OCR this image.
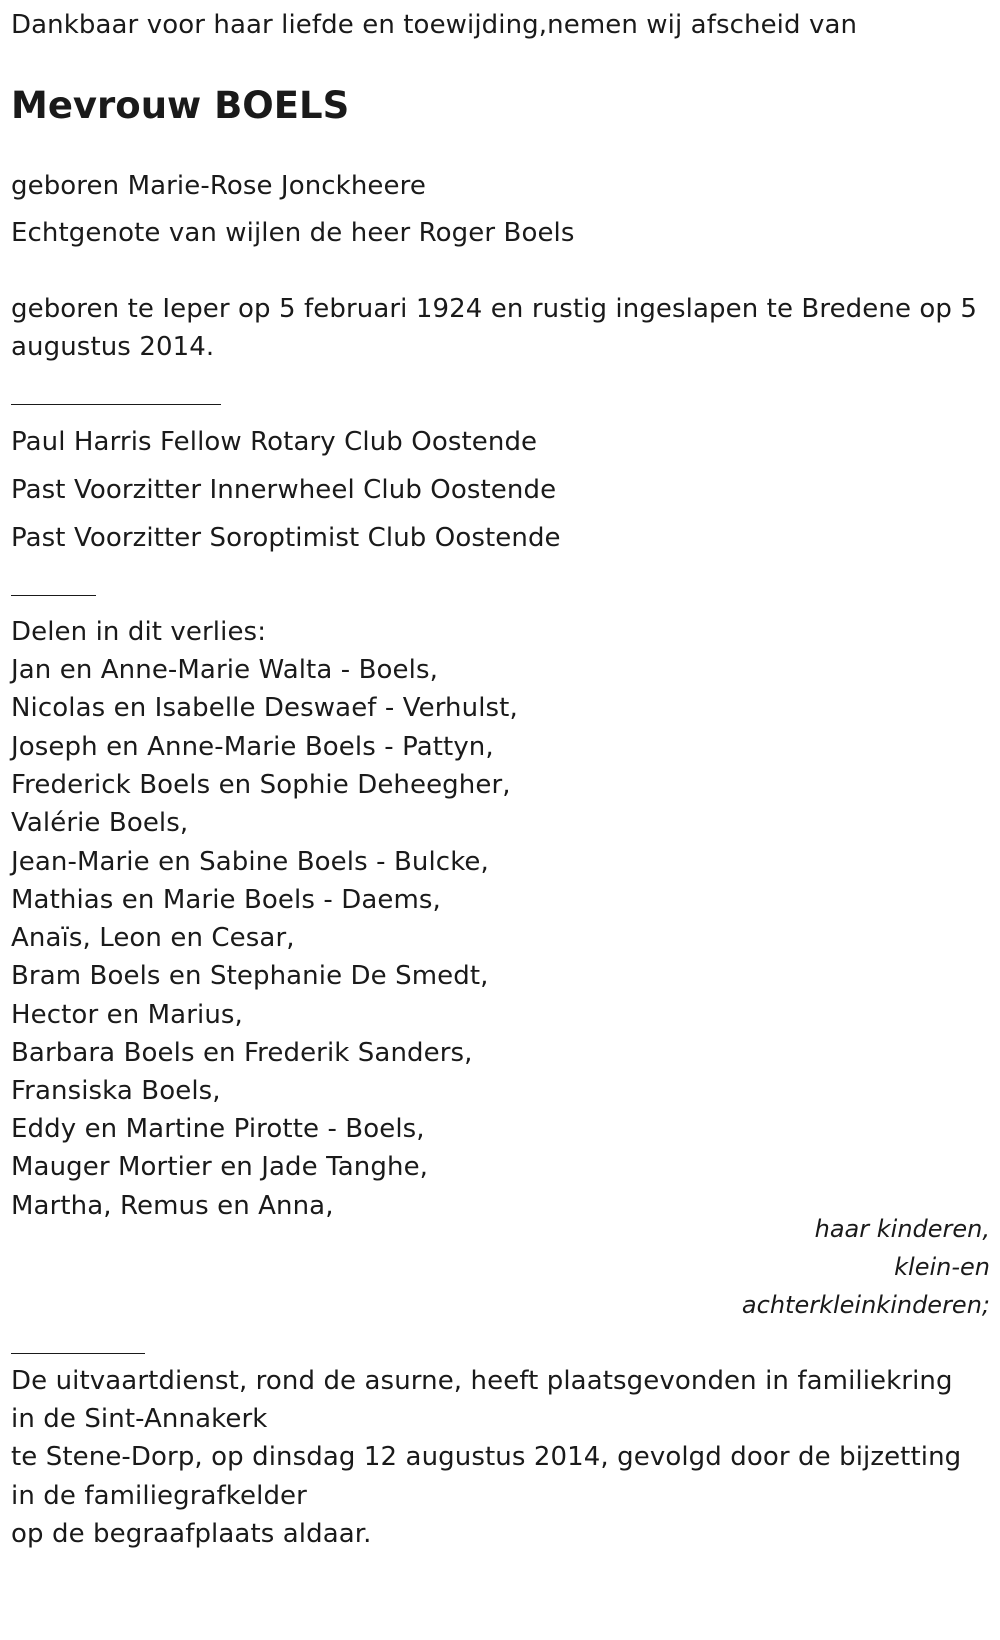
Dankbaar voor haar liefde en toewijding,nemen wij afscheid van
Mevrouw BOELS
geboren Marie-Rose Jonckheere
Echtgenote van wijlen de heer Roger Boels
geboren te Ieper op 5 februari 1924 en rustig ingeslapen te Bredene op 5
augustus 2014.
Paul Harris Fellow Rotary Club Oostende
Past Voorzitter Innerwheel Club Oostende
Past Voorzitter Soroptimist Club Oostende
Delen in dit verlies:
Jan en Anne-Marie Walta - Boels,
Nicolas en Isabelle Deswaef - Verhulst,
Joseph en Anne-Marie Boels - Pattyn,
Frederick Boels en Sophie Deheegher,
Valérie Boels,
Jean-Marie en Sabine Boels - Bulcke,
Mathias en Marie Boels - Daems,
Anaïs, Leon en Cesar,
Bram Boels en Stephanie De Smedt,
Hector en Marius,
Barbara Boels en Frederik Sanders,
Fransiska Boels,
Eddy en Martine Pirotte - Boels,
Mauger Mortier en Jade Tanghe,
Martha, Remus en Anna,
haar kinderen,
klein-en
achterkleinkinderen;
De uitvaartdienst, rond de asurne, heeft plaatsgevonden in familiekring
in de Sint-Annakerk
te Stene-Dorp, op dinsdag 12 augustus 2014, gevolgd door de bijzetting
in de familiegrafkelder
op de begraafplaats aldaar.
